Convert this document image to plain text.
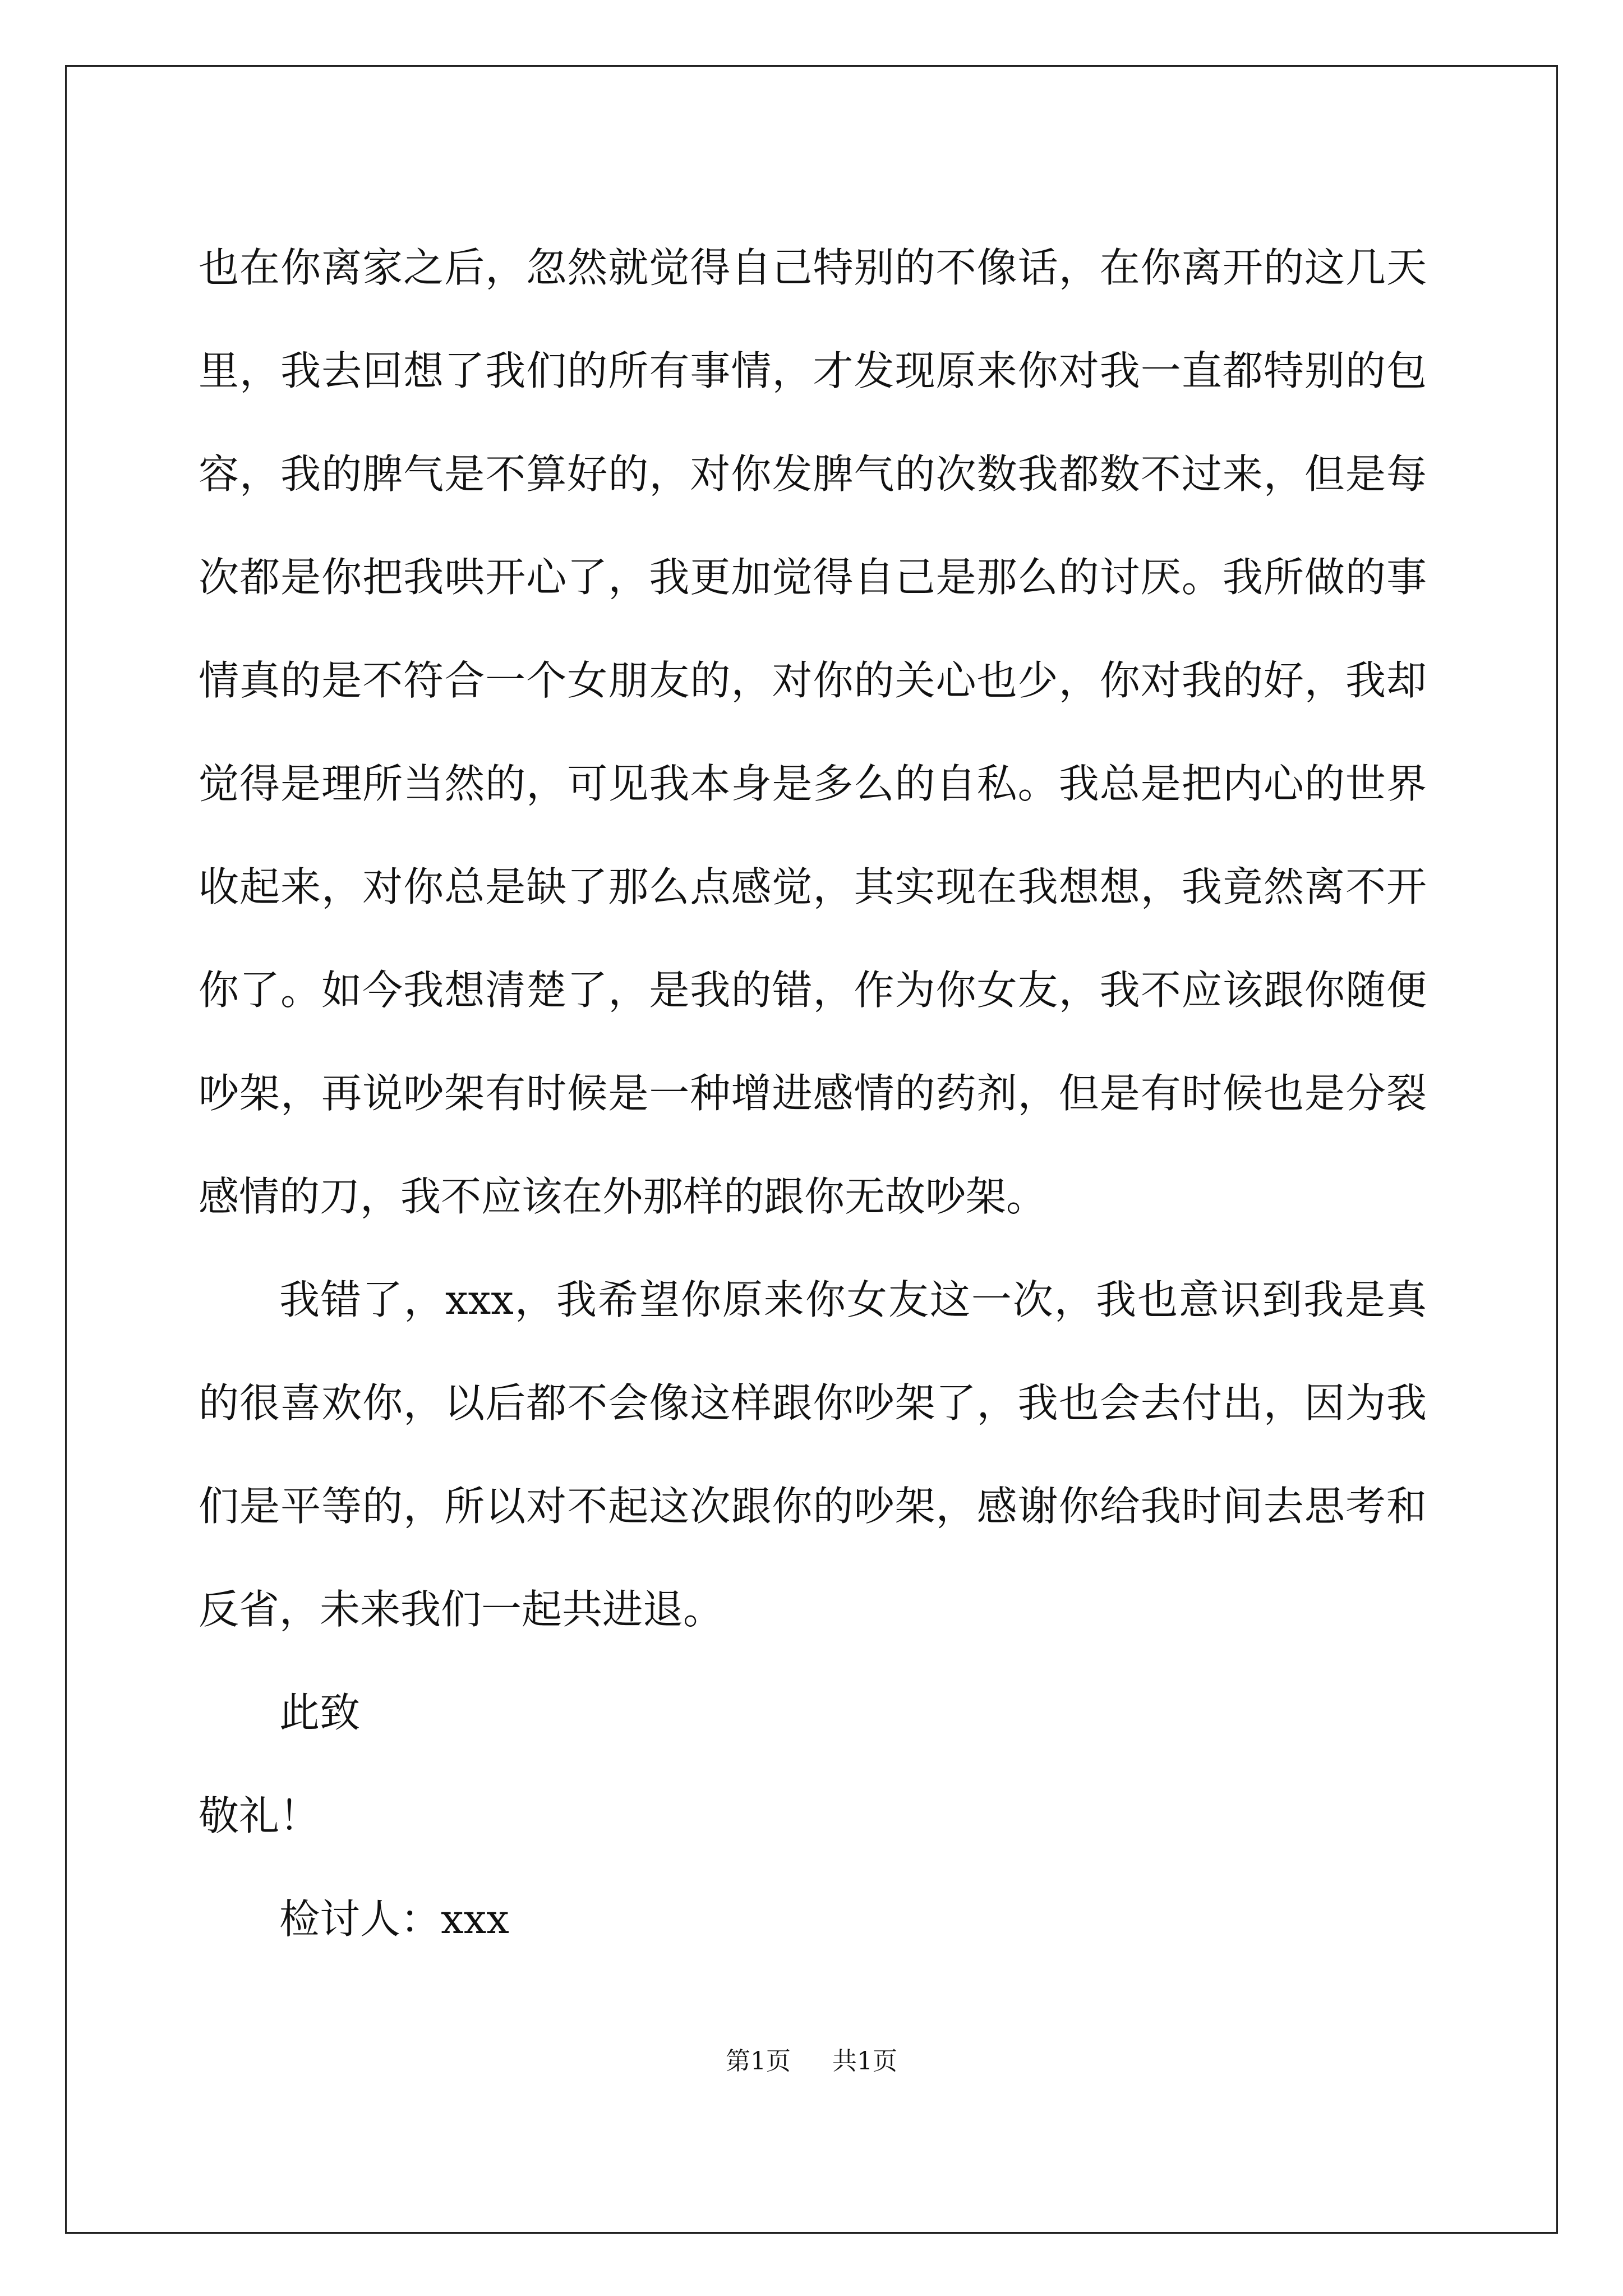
也在你离家之后，忽然就觉得自己特别的不像话，在你离开的这几天里，我去回想了我们的所有事情，才发现原来你对我一直都特别的包容，我的脾气是不算好的，对你发脾气的次数我都数不过来，但是每次都是你把我哄开心了，我更加觉得自己是那么的讨厌。我所做的事情真的是不符合一个女朋友的，对你的关心也少，你对我的好，我却觉得是理所当然的，可见我本身是多么的自私。我总是把内心的世界收起来，对你总是缺了那么点感觉，其实现在我想想，我竟然离不开你了。如今我想清楚了，是我的错，作为你女友，我不应该跟你随便吵架，再说吵架有时候是一种增进感情的药剂，但是有时候也是分裂感情的刀，我不应该在外那样的跟你无故吵架。

我错了，xxx，我希望你原来你女友这一次，我也意识到我是真的很喜欢你，以后都不会像这样跟你吵架了，我也会去付出，因为我们是平等的，所以对不起这次跟你的吵架，感谢你给我时间去思考和反省，未来我们一起共进退。

此致

敬礼！

检讨人：xxx

第1页 共1页
